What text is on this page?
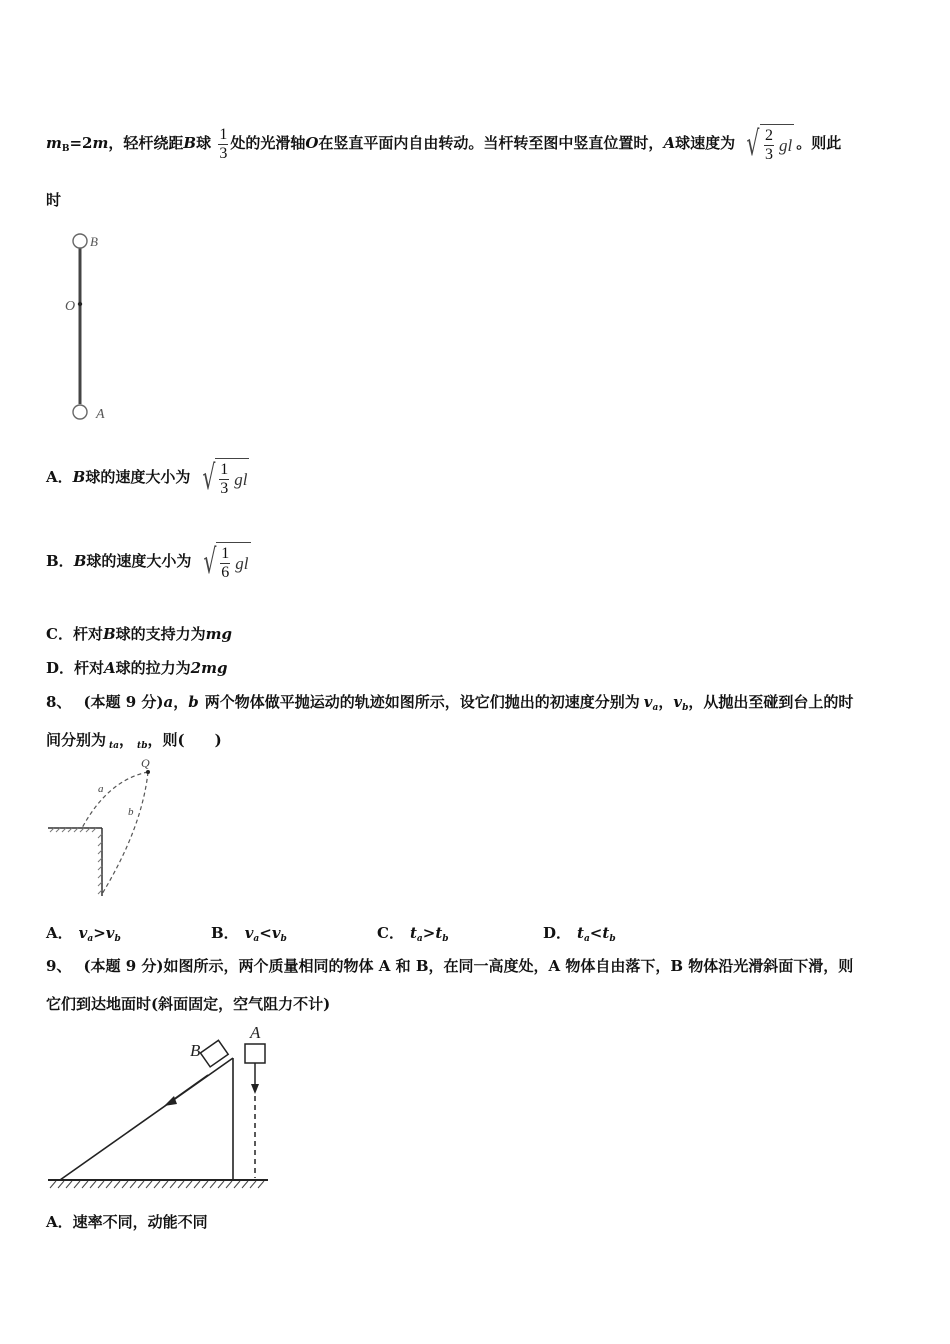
$m_B=2m$，轻杆绕距B球 $\frac{1}{3}$ 处的光滑轴O在竖直平面内自由转动。当杆转至图中竖直位置时，A球速度为 √ $\frac{2}{3}$ gl 。则此
时
B
O
A
A．B球的速度大小为 √ $\frac{1}{3}$ gl
B．B球的速度大小为 √ $\frac{1}{6}$ gl
C．杆对B球的支持力为mg
D．杆对A球的拉力为2mg
8、 (本题 9 分)a，b 两个物体做平抛运动的轨迹如图所示，设它们抛出的初速度分别为 $v_a$，$v_b$，从抛出至碰到台上的时
间分别为 $_{ta}$， $_{tb}$，则(　　)
Q
a
b
A． $v_a>v_b$	B． $v_a<v_b$	C． $t_a>t_b$	D． $t_a<t_b$
9、 (本题 9 分)如图所示，两个质量相同的物体 A 和 B，在同一高度处，A 物体自由落下，B 物体沿光滑斜面下滑，则
它们到达地面时(斜面固定，空气阻力不计)
A
B
A．速率不同，动能不同
